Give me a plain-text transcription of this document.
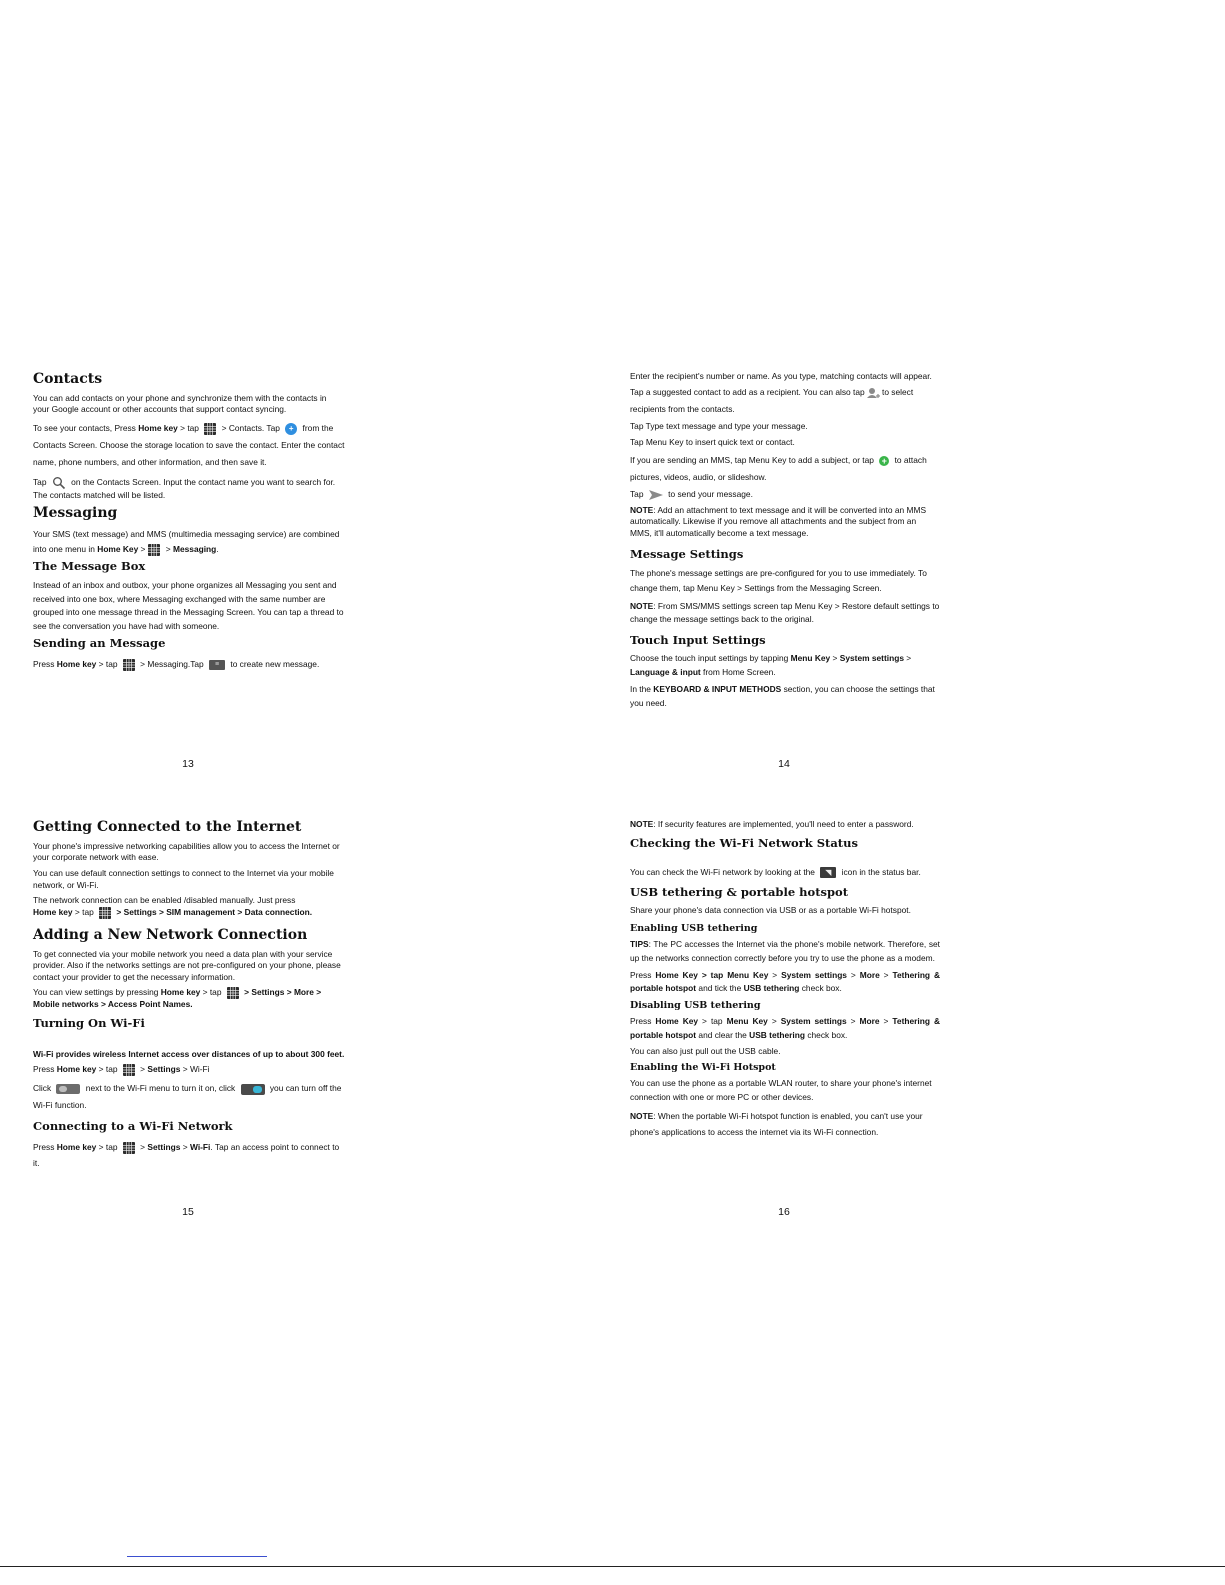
Contacts

You can add contacts on your phone and synchronize them with the contacts in your Google account or other accounts that support contact syncing.

To see your contacts, Press Home key > tap  > Contacts. Tap + from the Contacts Screen. Choose the storage location to save the contact. Enter the contact name, phone numbers, and other information, and then save it.

Tap  on the Contacts Screen. Input the contact name you want to search for. The contacts matched will be listed.

Messaging

Your SMS (text message) and MMS (multimedia messaging service) are combined into one menu in Home Key > > Messaging.

The Message Box

Instead of an inbox and outbox, your phone organizes all Messaging you sent and received into one box, where Messaging exchanged with the same number are grouped into one message thread in the Messaging Screen. You can tap a thread to see the conversation you have had with someone.

Sending an Message

Press Home key > tap  > Messaging.Tap ≡ to create new message.

13

Enter the recipient's number or name. As you type, matching contacts will appear. Tap a suggested contact to add as a recipient. You can also tap to select recipients from the contacts.

Tap Type text message and type your message.

Tap Menu Key to insert quick text or contact.

If you are sending an MMS, tap Menu Key to add a subject, or tap + to attach pictures, videos, audio, or slideshow.

Tap  to send your message.

NOTE: Add an attachment to text message and it will be converted into an MMS automatically. Likewise if you remove all attachments and the subject from an MMS, it'll automatically become a text message.

Message Settings

The phone's message settings are pre-configured for you to use immediately. To change them, tap Menu Key > Settings from the Messaging Screen.

NOTE: From SMS/MMS settings screen tap Menu Key > Restore default settings to change the message settings back to the original.

Touch Input Settings

Choose the touch input settings by tapping Menu Key > System settings > Language & input from Home Screen.

In the KEYBOARD & INPUT METHODS section, you can choose the settings that you need.

14
Getting Connected to the Internet

Your phone's impressive networking capabilities allow you to access the Internet or your corporate network with ease.

You can use default connection settings to connect to the Internet via your mobile network, or Wi-Fi.

The network connection can be enabled /disabled manually. Just press
Home key > tap  > Settings > SIM management > Data connection.

Adding a New Network Connection

To get connected via your mobile network you need a data plan with your service provider. Also if the networks settings are not pre-configured on your phone, please contact your provider to get the necessary information.

You can view settings by pressing Home key > tap  > Settings > More > Mobile networks > Access Point Names.

Turning On Wi-Fi

Wi-Fi provides wireless Internet access over distances of up to about 300 feet.

Press Home key > tap  > Settings > Wi-Fi

Click	next to the Wi-Fi menu to turn it on, click	you can turn off the Wi-Fi function.

Connecting to a Wi-Fi Network

Press Home key > tap  > Settings > Wi-Fi. Tap an access point to connect to it.

15

NOTE: If security features are implemented, you'll need to enter a password.

Checking the Wi-Fi Network Status

You can check the Wi-Fi network by looking at the ◥ icon in the status bar.

USB tethering & portable hotspot

Share your phone's data connection via USB or as a portable Wi-Fi hotspot.

Enabling USB tethering

TIPS: The PC accesses the Internet via the phone's mobile network. Therefore, set up the networks connection correctly before you try to use the phone as a modem.

Press Home Key > tap Menu Key > System settings > More > Tethering & portable hotspot and tick the USB tethering check box.

Disabling USB tethering

Press Home Key > tap Menu Key > System settings > More > Tethering & portable hotspot and clear the USB tethering check box.

You can also just pull out the USB cable.

Enabling the Wi-Fi Hotspot

You can use the phone as a portable WLAN router, to share your phone's internet connection with one or more PC or other devices.

NOTE: When the portable Wi-Fi hotspot function is enabled, you can't use your phone's applications to access the internet via its Wi-Fi connection.

16
